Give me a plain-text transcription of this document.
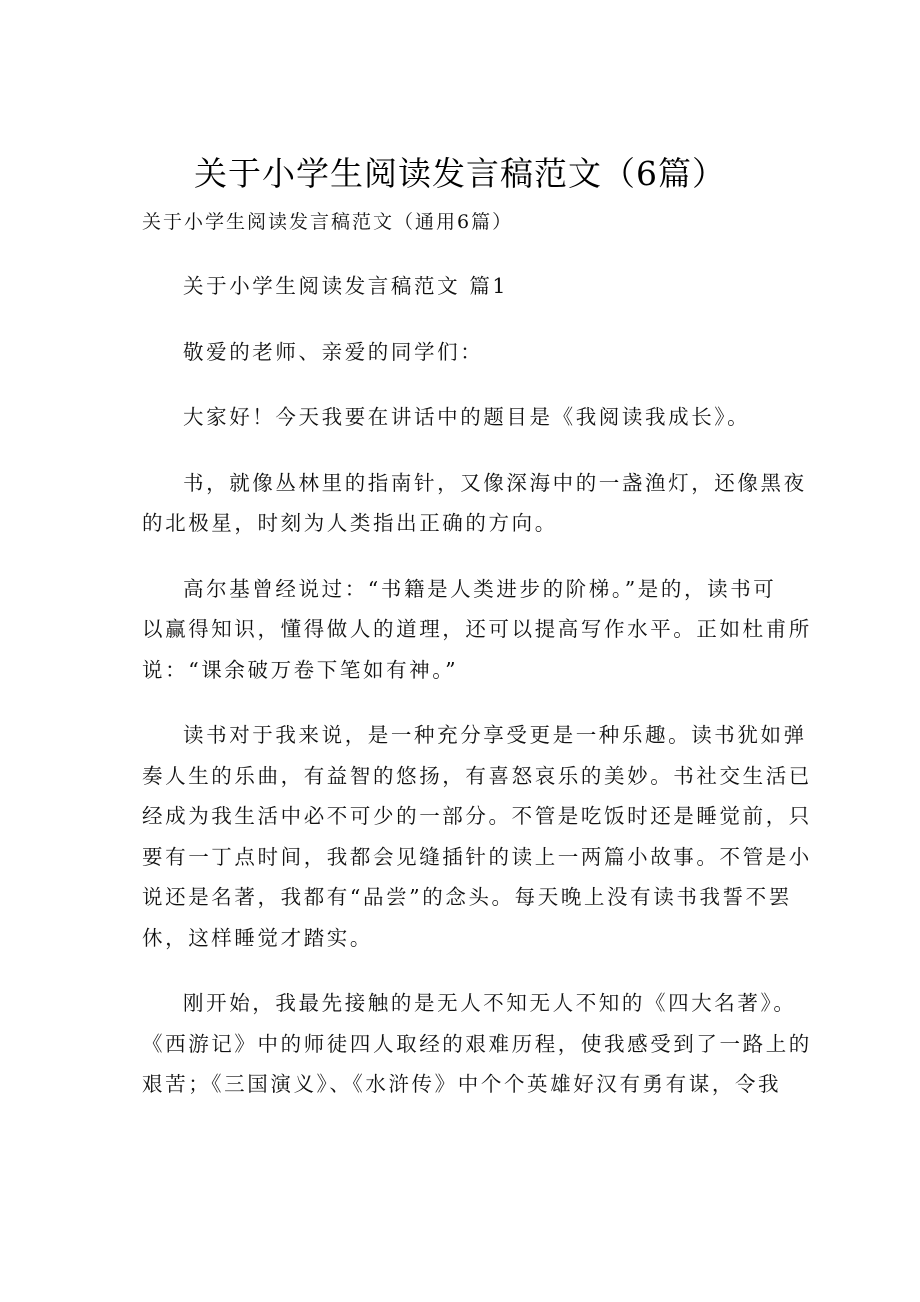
关于小学生阅读发言稿范文（6篇）
关于小学生阅读发言稿范文（通用6篇）

关于小学生阅读发言稿范文 篇1

敬爱的老师、亲爱的同学们：

大家好！今天我要在讲话中的题目是《我阅读我成长》。

书，就像丛林里的指南针，又像深海中的一盏渔灯，还像黑夜
的北极星，时刻为人类指出正确的方向。

高尔基曾经说过：“书籍是人类进步的阶梯。”是的，读书可
以赢得知识，懂得做人的道理，还可以提高写作水平。正如杜甫所
说：“课余破万卷下笔如有神。”

读书对于我来说，是一种充分享受更是一种乐趣。读书犹如弹
奏人生的乐曲，有益智的悠扬，有喜怒哀乐的美妙。书社交生活已
经成为我生活中必不可少的一部分。不管是吃饭时还是睡觉前，只
要有一丁点时间，我都会见缝插针的读上一两篇小故事。不管是小
说还是名著，我都有“品尝”的念头。每天晚上没有读书我誓不罢
休，这样睡觉才踏实。

刚开始，我最先接触的是无人不知无人不知的《四大名著》。
《西游记》中的师徒四人取经的艰难历程，使我感受到了一路上的
艰苦；《三国演义》、《水浒传》中个个英雄好汉有勇有谋，令我
